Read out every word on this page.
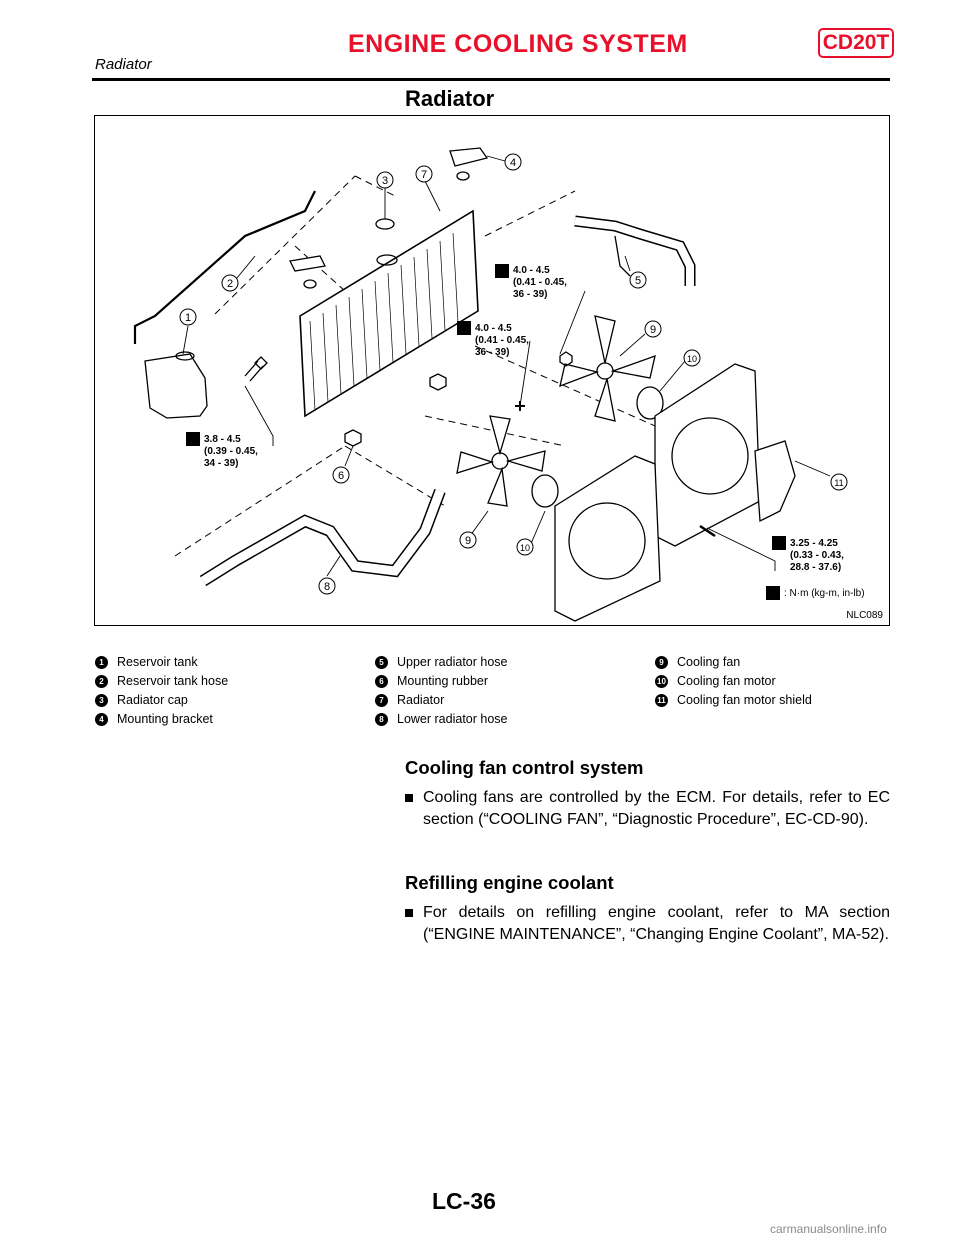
ENGINE COOLING SYSTEM	CD20T
Radiator
Radiator
1
2
3
4
5
6
7
8
9
10
11
9
10
4.0 - 4.5
(0.41 - 0.45,
36 - 39)
4.0 - 4.5
(0.41 - 0.45,
36 - 39)
3.8 - 4.5
(0.39 - 0.45,
34 - 39)
3.25 - 4.25
(0.33 - 0.43,
28.8 - 37.6)
: N·m (kg-m, in-lb)
NLC089
1	Reservoir tank
2	Reservoir tank hose
3	Radiator cap
4	Mounting bracket
5	Upper radiator hose
6	Mounting rubber
7	Radiator
8	Lower radiator hose
9	Cooling fan
10 Cooling fan motor
11 Cooling fan motor shield
Cooling fan control system
Cooling fans are controlled by the ECM. For details, refer to EC section (“COOLING FAN”, “Diagnostic Procedure”, EC-CD-90).
Refilling engine coolant
For details on refilling engine coolant, refer to MA section (“ENGINE MAINTENANCE”, “Changing Engine Coolant”, MA-52).
LC-36
carmanualsonline.info
